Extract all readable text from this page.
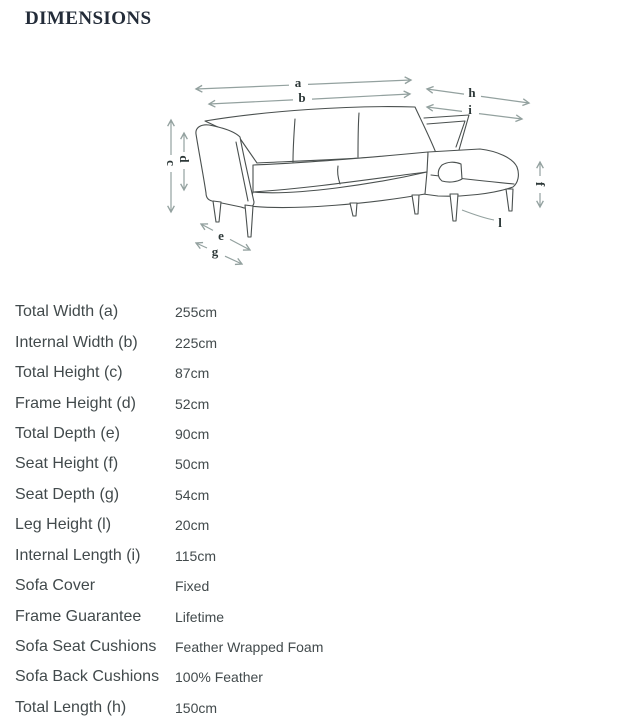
DIMENSIONS
a
b	h
i
c
d
f
e
g
l
Total Width (a)	255cm
Internal Width (b)	225cm
Total Height (c)	87cm
Frame Height (d)	52cm
Total Depth (e)	90cm
Seat Height (f)	50cm
Seat Depth (g)	54cm
Leg Height (l)	20cm
Internal Length (i)	115cm
Sofa Cover	Fixed
Frame Guarantee	Lifetime
Sofa Seat Cushions	Feather Wrapped Foam
Sofa Back Cushions	100% Feather
Total Length (h)	150cm
